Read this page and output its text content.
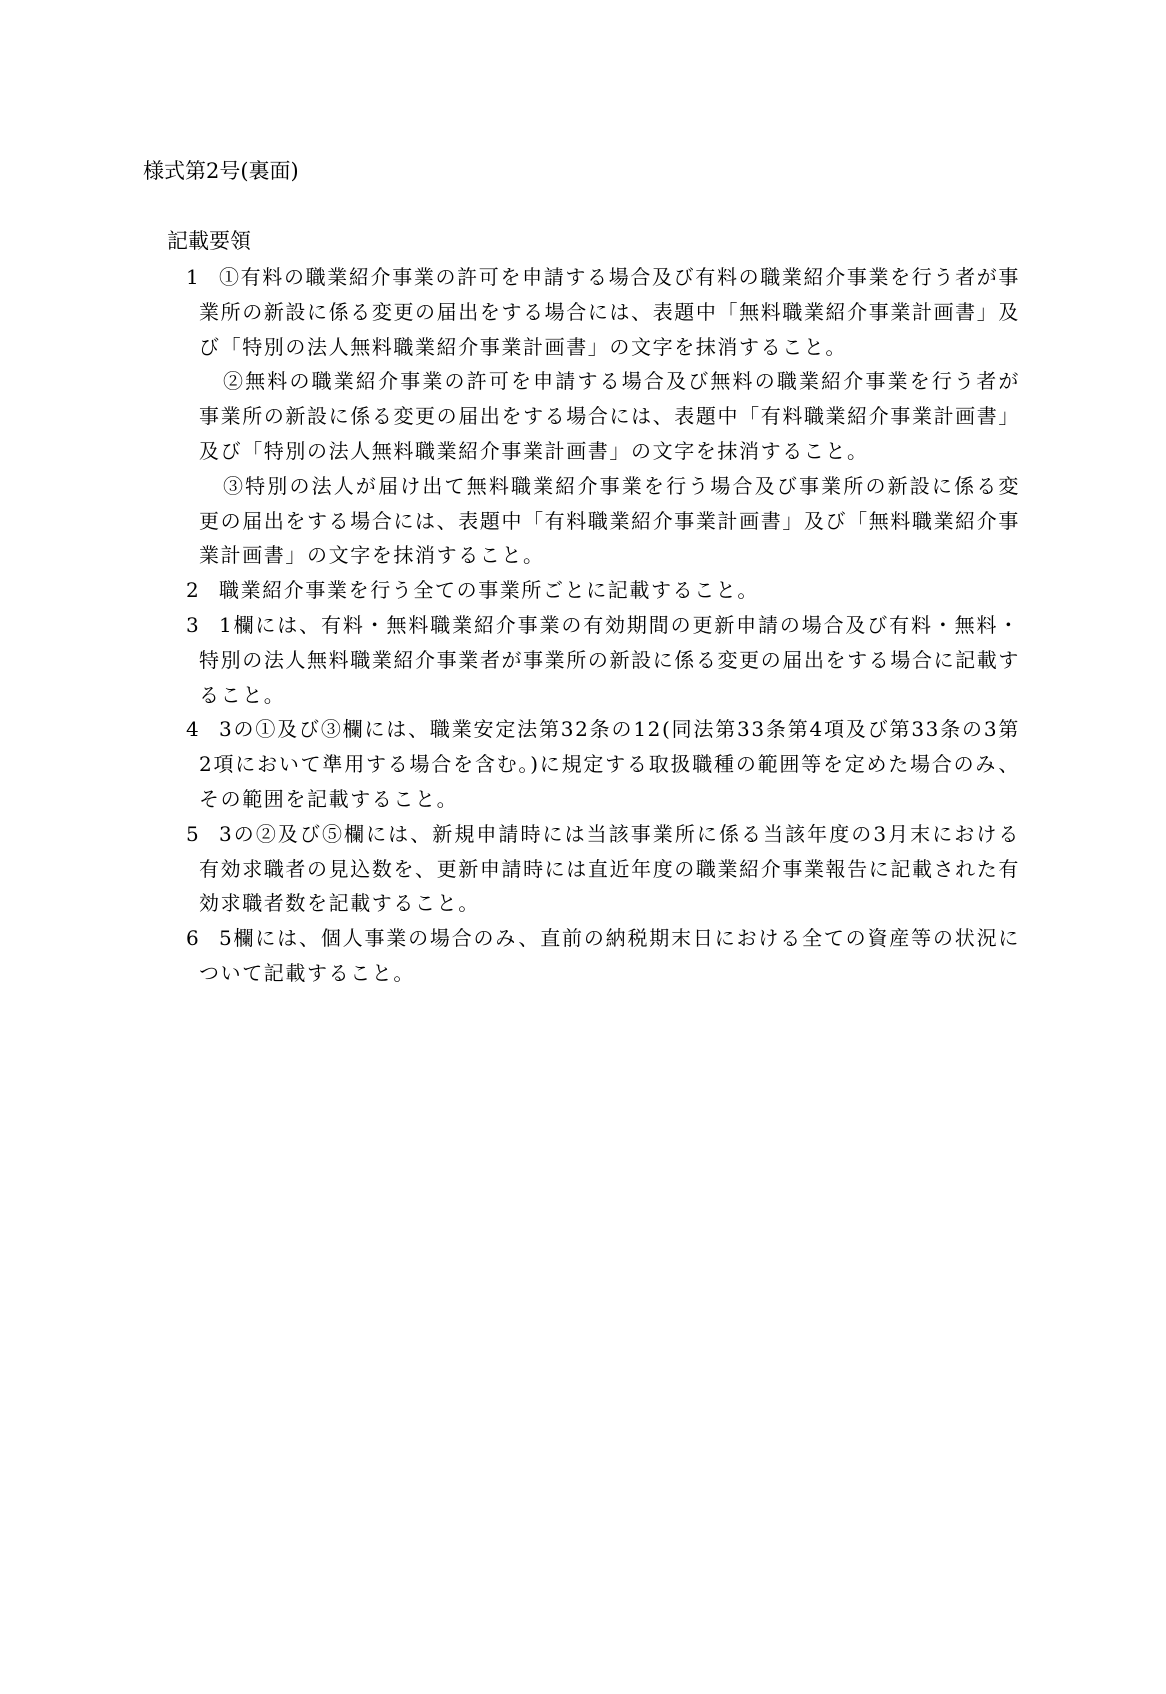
様式第2号(裏面)
記載要領
1 ①有料の職業紹介事業の許可を申請する場合及び有料の職業紹介事業を行う者が事業所の新設に係る変更の届出をする場合には、表題中「無料職業紹介事業計画書」及び「特別の法人無料職業紹介事業計画書」の文字を抹消すること。
②無料の職業紹介事業の許可を申請する場合及び無料の職業紹介事業を行う者が事業所の新設に係る変更の届出をする場合には、表題中「有料職業紹介事業計画書」及び「特別の法人無料職業紹介事業計画書」の文字を抹消すること。
③特別の法人が届け出て無料職業紹介事業を行う場合及び事業所の新設に係る変更の届出をする場合には、表題中「有料職業紹介事業計画書」及び「無料職業紹介事業計画書」の文字を抹消すること。
2 職業紹介事業を行う全ての事業所ごとに記載すること。
3 1欄には、有料・無料職業紹介事業の有効期間の更新申請の場合及び有料・無料・特別の法人無料職業紹介事業者が事業所の新設に係る変更の届出をする場合に記載すること。
4 3の①及び③欄には、職業安定法第32条の12(同法第33条第4項及び第33条の3第2項において準用する場合を含む。)に規定する取扱職種の範囲等を定めた場合のみ、その範囲を記載すること。
5 3の②及び⑤欄には、新規申請時には当該事業所に係る当該年度の3月末における有効求職者の見込数を、更新申請時には直近年度の職業紹介事業報告に記載された有効求職者数を記載すること。
6 5欄には、個人事業の場合のみ、直前の納税期末日における全ての資産等の状況について記載すること。
